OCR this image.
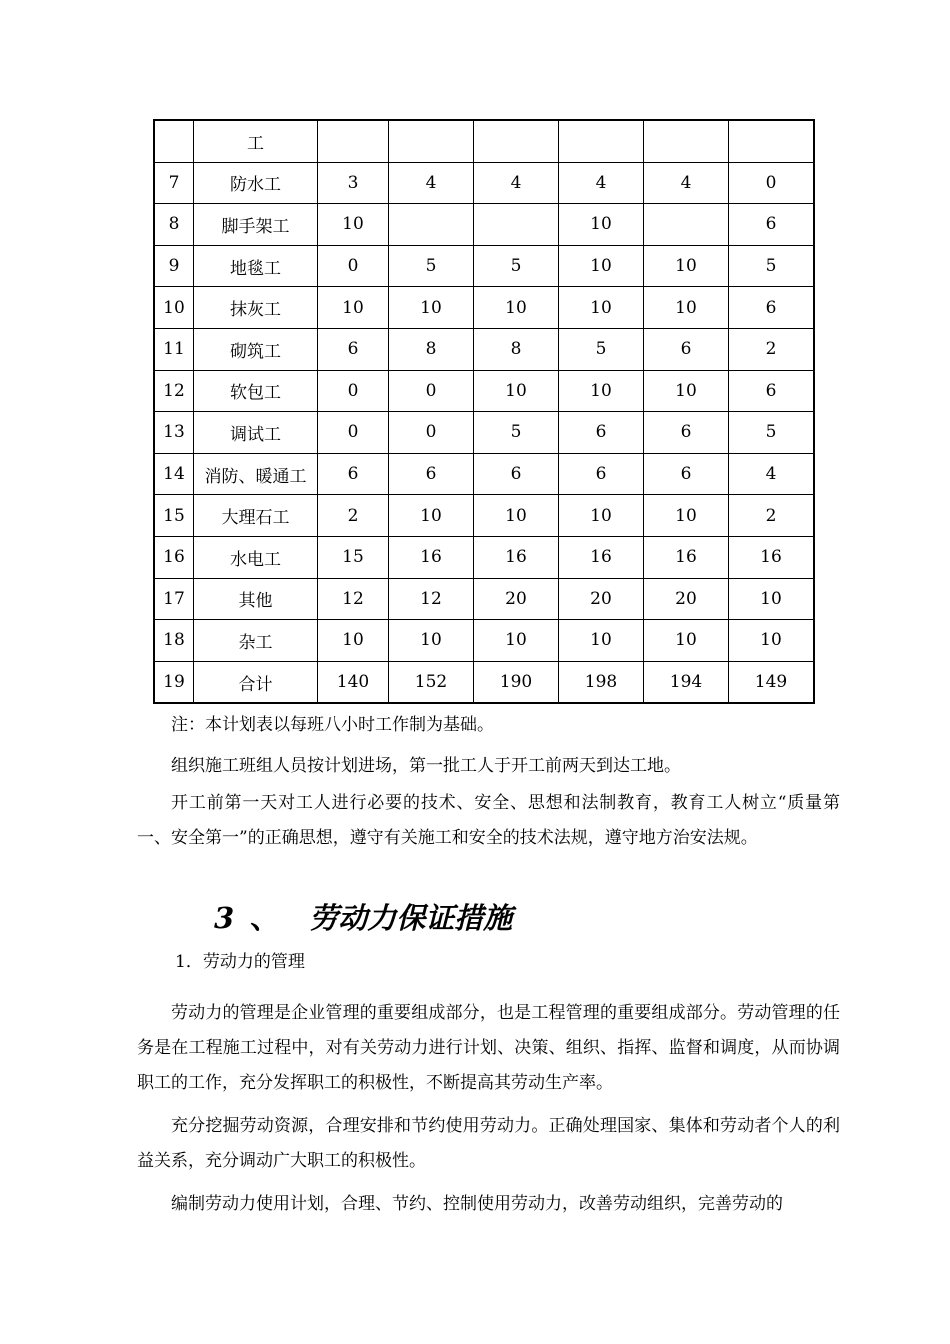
	工						
7	防水工	3	4	4	4	4	0
8	脚手架工	10			10		6
9	地毯工	0	5	5	10	10	5
10	抹灰工	10	10	10	10	10	6
11	砌筑工	6	8	8	5	6	2
12	软包工	0	0	10	10	10	6
13	调试工	0	0	5	6	6	5
14	消防、暖通工	6	6	6	6	6	4
15	大理石工	2	10	10	10	10	2
16	水电工	15	16	16	16	16	16
17	其他	12	12	20	20	20	10
18	杂工	10	10	10	10	10	10
19	合计	140	152	190	198	194	149

注：本计划表以每班八小时工作制为基础。

组织施工班组人员按计划进场，第一批工人于开工前两天到达工地。

开工前第一天对工人进行必要的技术、安全、思想和法制教育，教育工人树立“质量第一、安全第一”的正确思想，遵守有关施工和安全的技术法规，遵守地方治安法规。

3 、 劳动力保证措施

1．劳动力的管理

劳动力的管理是企业管理的重要组成部分，也是工程管理的重要组成部分。劳动管理的任务是在工程施工过程中，对有关劳动力进行计划、决策、组织、指挥、监督和调度，从而协调职工的工作，充分发挥职工的积极性，不断提高其劳动生产率。

充分挖掘劳动资源，合理安排和节约使用劳动力。正确处理国家、集体和劳动者个人的利益关系，充分调动广大职工的积极性。

编制劳动力使用计划，合理、节约、控制使用劳动力，改善劳动组织，完善劳动的
